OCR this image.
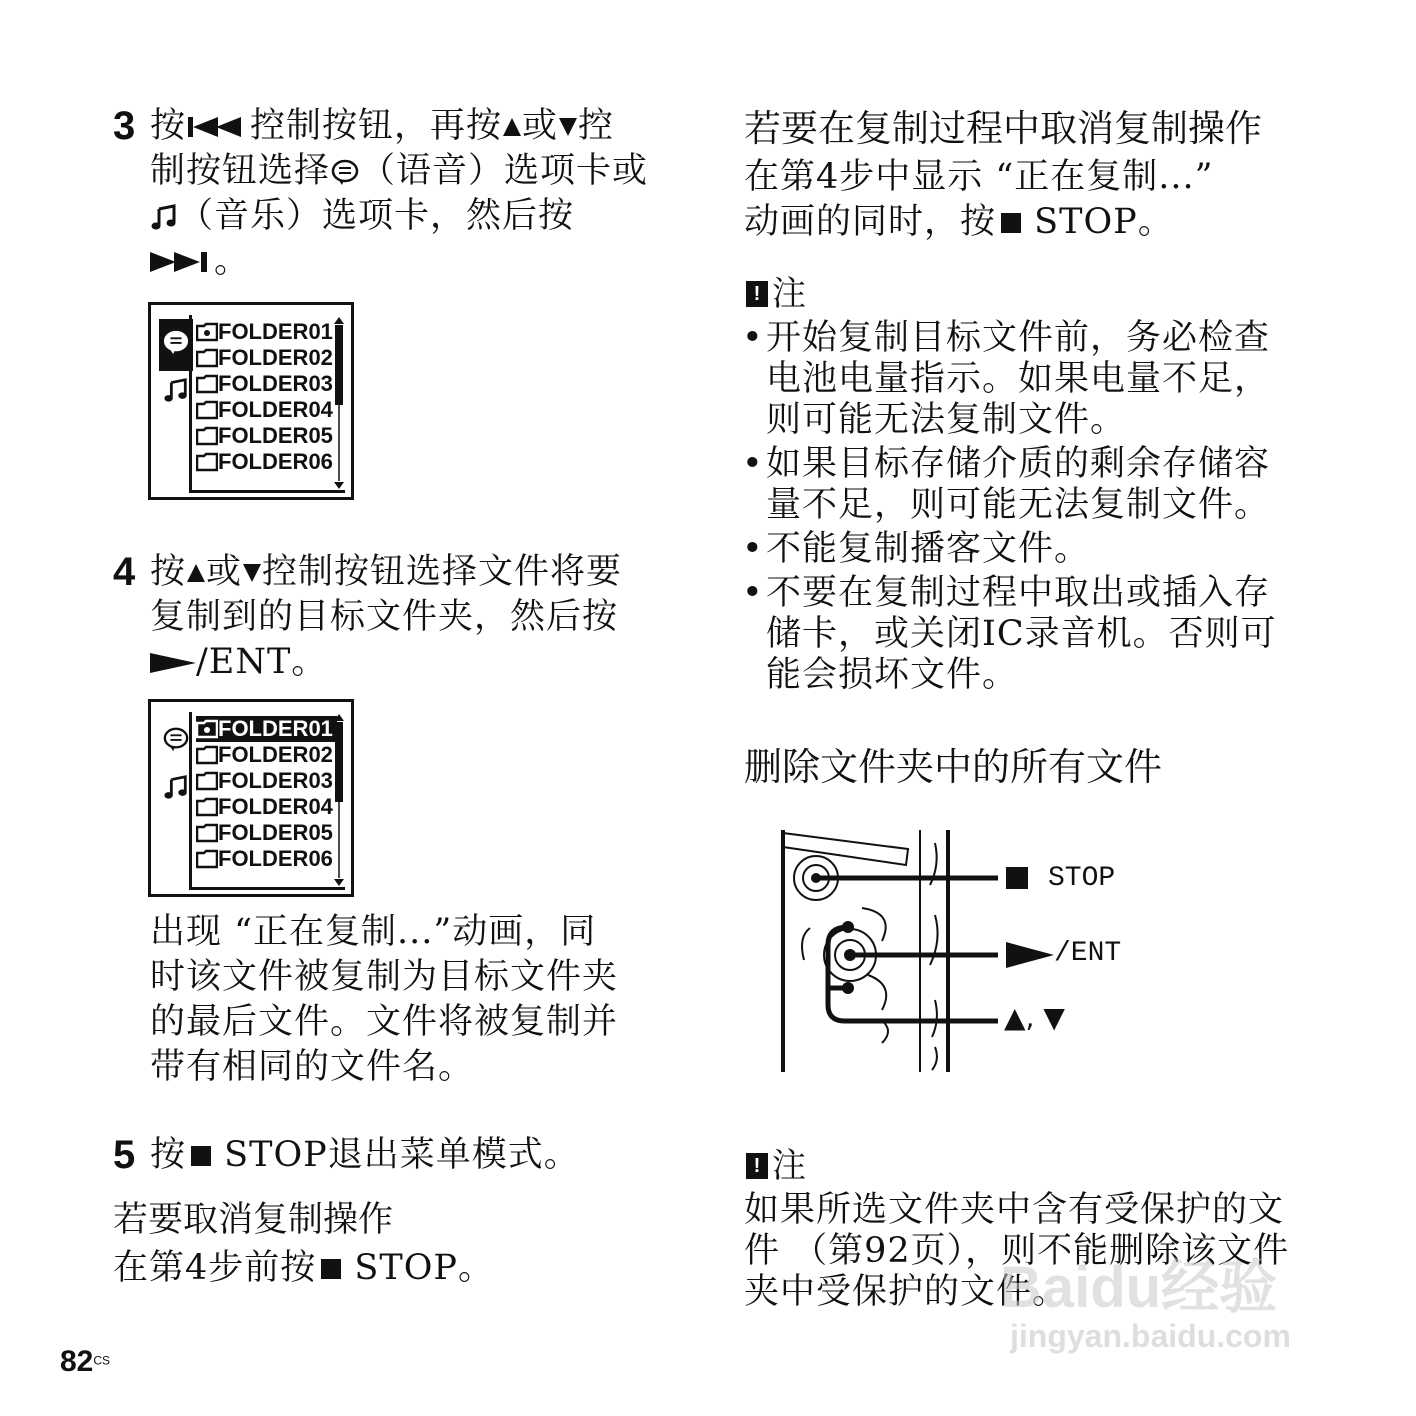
3 按 控制按钮，再按 或 控
制按钮选择 （语音）选项卡或
（音乐）选项卡，然后按
。
FOLDER01
FOLDER02
FOLDER03
FOLDER04
FOLDER05
FOLDER06
4 按 或 控制按钮选择文件将要
复制到的目标文件夹，然后按
/ENT。
FOLDER01
FOLDER02
FOLDER03
FOLDER04
FOLDER05
FOLDER06
出现 “正在复制...”动画，同
时该文件被复制为目标文件夹
的最后文件。文件将被复制并
带有相同的文件名。
5 按 STOP退出菜单模式。
若要取消复制操作
在第4步前按 STOP。
$82^{CS}$
若要在复制过程中取消复制操作
在第4步中显示 “正在复制...”
动画的同时，按 STOP。
! 注
• 开始复制目标文件前，务必检查
电池电量指示。如果电量不足，
则可能无法复制文件。
• 如果目标存储介质的剩余存储容
量不足，则可能无法复制文件。
• 不能复制播客文件。
• 不要在复制过程中取出或插入存
储卡，或关闭IC录音机。否则可
能会损坏文件。
删除文件夹中的所有文件
STOP
/ENT
▲, ▼
! 注
如果所选文件夹中含有受保护的文
件 （第92页），则不能删除该文件
夹中受保护的文件。
Baidu经验
jingyan.baidu.com
